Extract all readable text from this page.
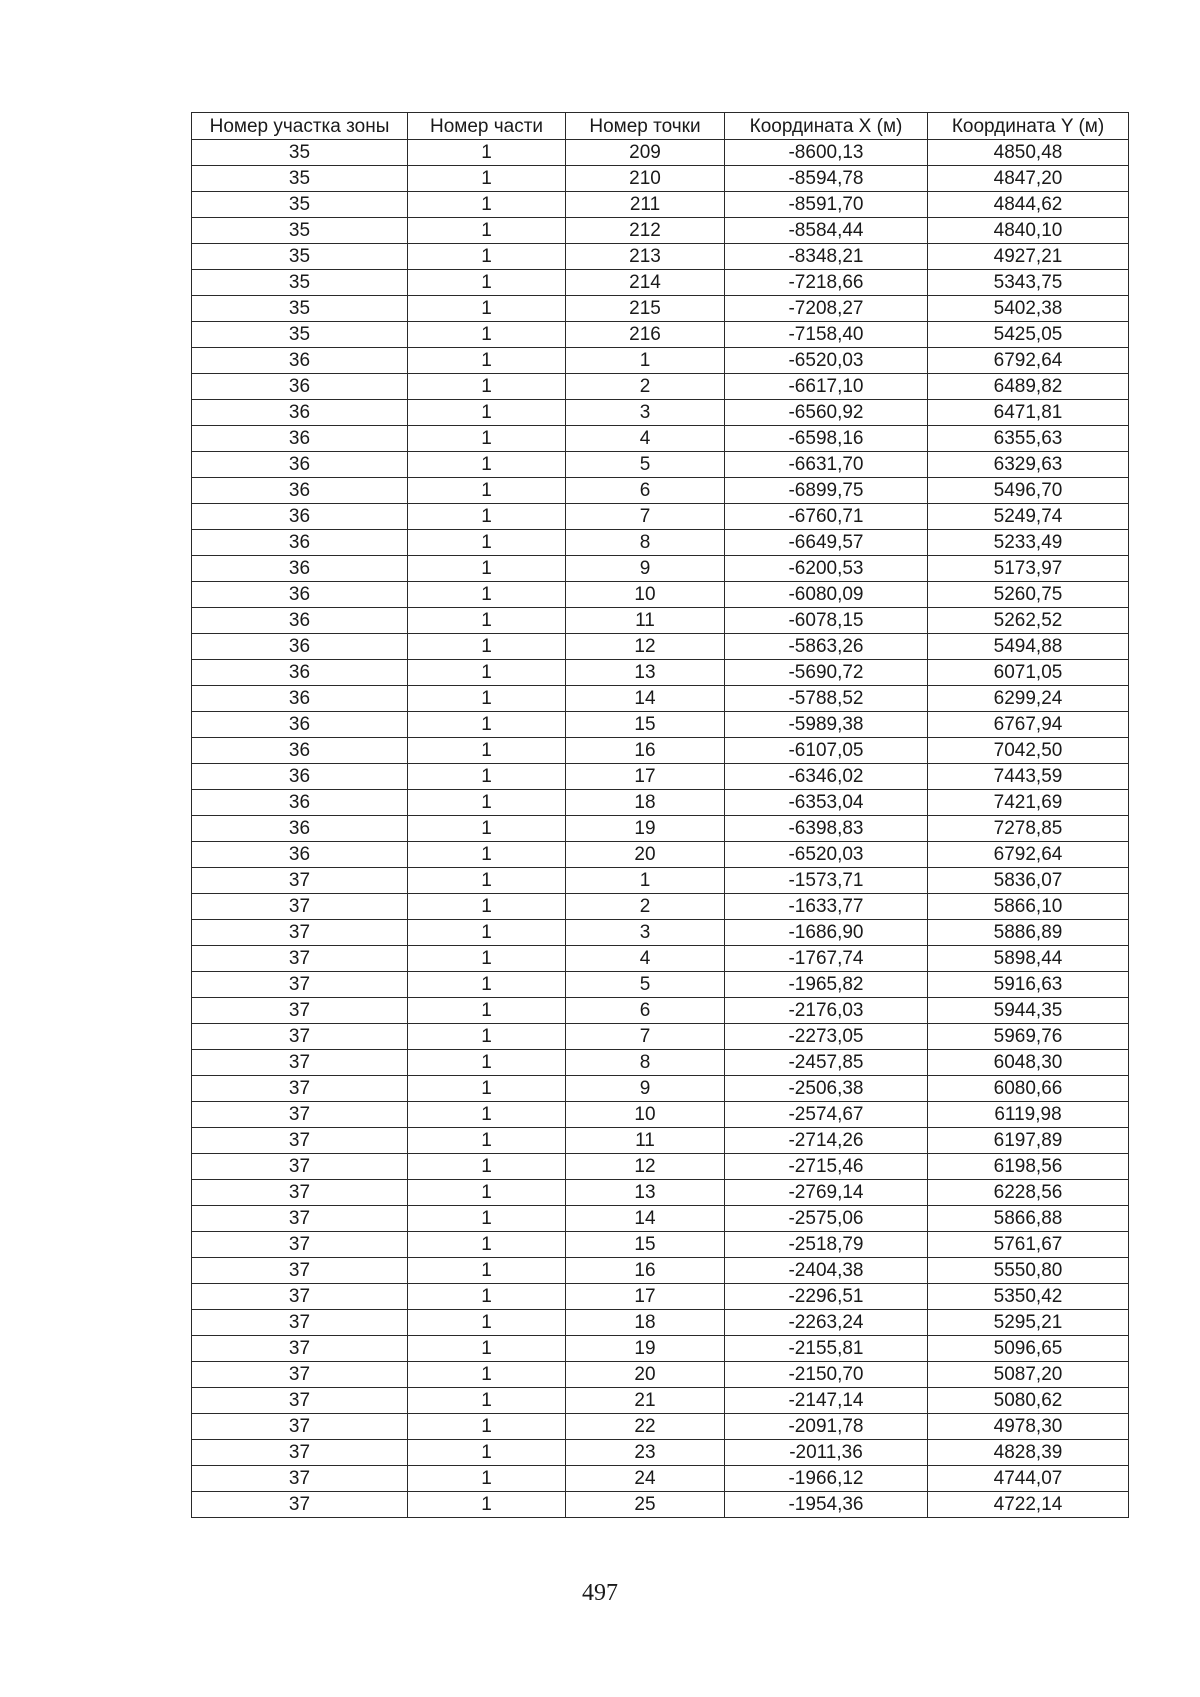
Номер участка зоны	Номер части	Номер точки	Координата X (м)	Координата Y (м)
35	1	209	-8600,13	4850,48
35	1	210	-8594,78	4847,20
35	1	211	-8591,70	4844,62
35	1	212	-8584,44	4840,10
35	1	213	-8348,21	4927,21
35	1	214	-7218,66	5343,75
35	1	215	-7208,27	5402,38
35	1	216	-7158,40	5425,05
36	1	1	-6520,03	6792,64
36	1	2	-6617,10	6489,82
36	1	3	-6560,92	6471,81
36	1	4	-6598,16	6355,63
36	1	5	-6631,70	6329,63
36	1	6	-6899,75	5496,70
36	1	7	-6760,71	5249,74
36	1	8	-6649,57	5233,49
36	1	9	-6200,53	5173,97
36	1	10	-6080,09	5260,75
36	1	11	-6078,15	5262,52
36	1	12	-5863,26	5494,88
36	1	13	-5690,72	6071,05
36	1	14	-5788,52	6299,24
36	1	15	-5989,38	6767,94
36	1	16	-6107,05	7042,50
36	1	17	-6346,02	7443,59
36	1	18	-6353,04	7421,69
36	1	19	-6398,83	7278,85
36	1	20	-6520,03	6792,64
37	1	1	-1573,71	5836,07
37	1	2	-1633,77	5866,10
37	1	3	-1686,90	5886,89
37	1	4	-1767,74	5898,44
37	1	5	-1965,82	5916,63
37	1	6	-2176,03	5944,35
37	1	7	-2273,05	5969,76
37	1	8	-2457,85	6048,30
37	1	9	-2506,38	6080,66
37	1	10	-2574,67	6119,98
37	1	11	-2714,26	6197,89
37	1	12	-2715,46	6198,56
37	1	13	-2769,14	6228,56
37	1	14	-2575,06	5866,88
37	1	15	-2518,79	5761,67
37	1	16	-2404,38	5550,80
37	1	17	-2296,51	5350,42
37	1	18	-2263,24	5295,21
37	1	19	-2155,81	5096,65
37	1	20	-2150,70	5087,20
37	1	21	-2147,14	5080,62
37	1	22	-2091,78	4978,30
37	1	23	-2011,36	4828,39
37	1	24	-1966,12	4744,07
37	1	25	-1954,36	4722,14
497
